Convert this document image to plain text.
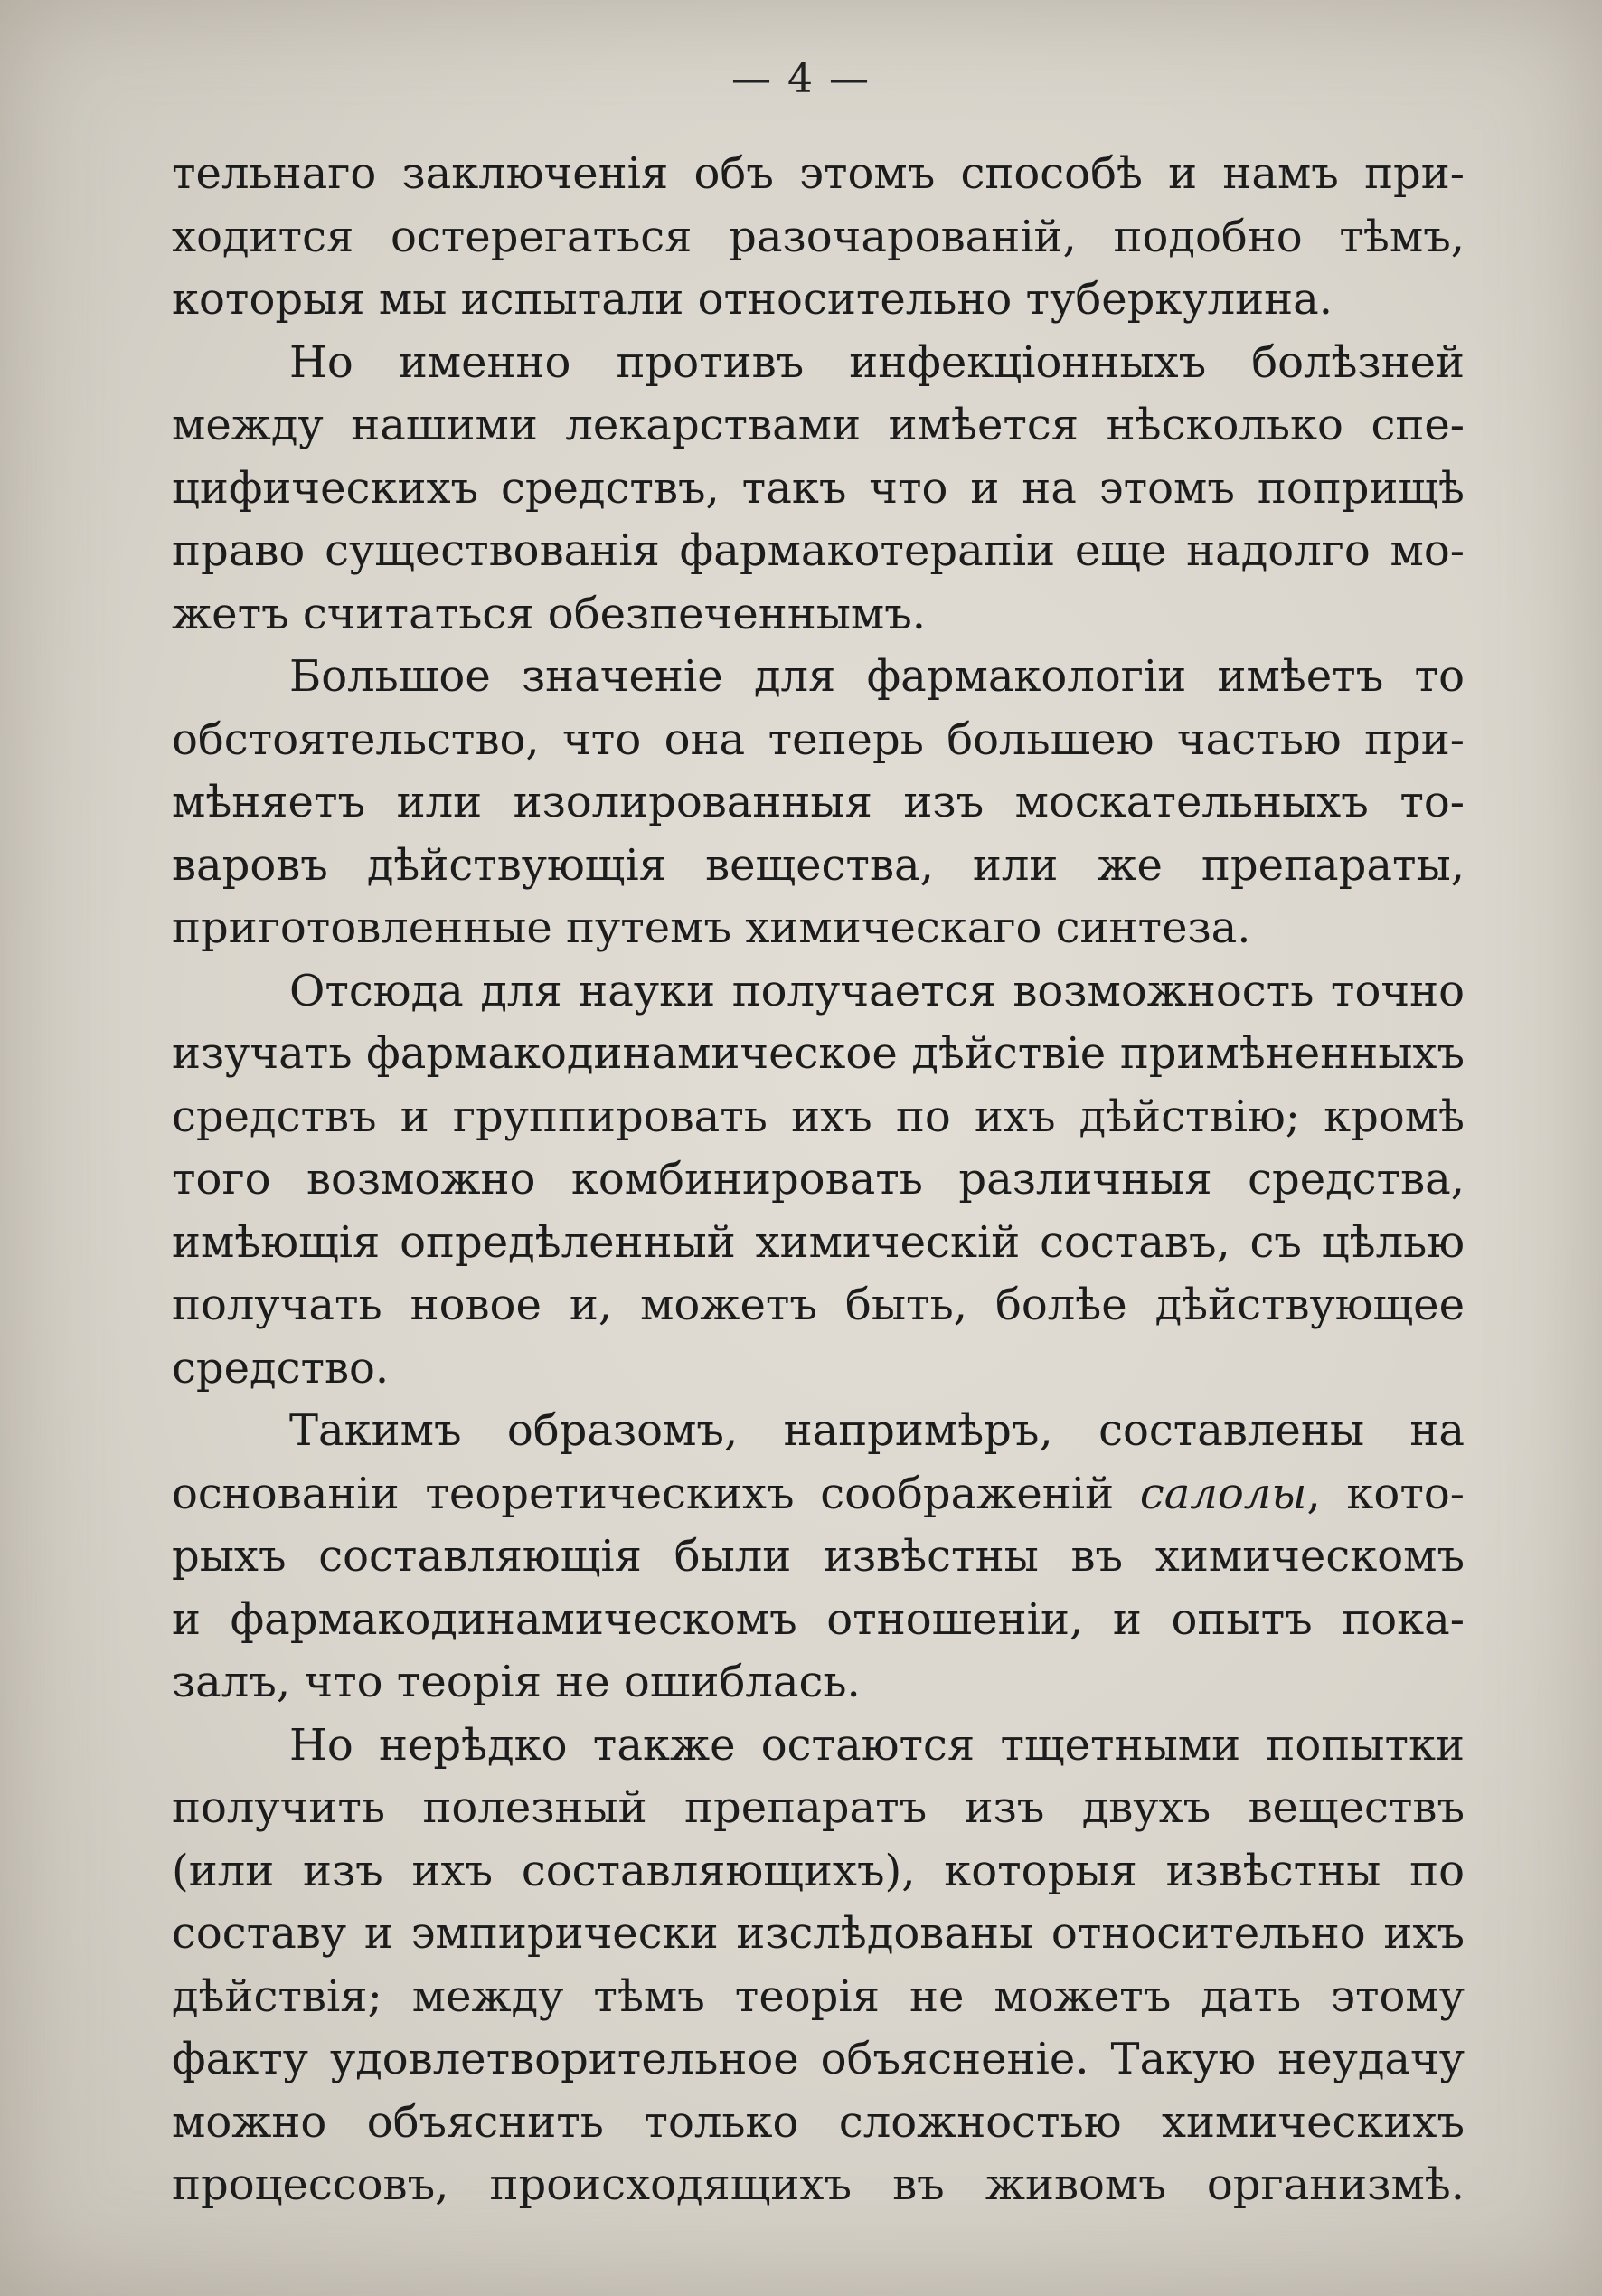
— 4 —
тельнаго заключенія объ этомъ способѣ и намъ при-
ходится остерегаться разочарованій, подобно тѣмъ,
которыя мы испытали относительно туберкулина.
Но именно противъ инфекціонныхъ болѣзней
между нашими лекарствами имѣется нѣсколько спе-
цифическихъ средствъ, такъ что и на этомъ поприщѣ
право существованія фармакотерапіи еще надолго мо-
жетъ считаться обезпеченнымъ.
Большое значеніе для фармакологіи имѣетъ то
обстоятельство, что она теперь большею частью при-
мѣняетъ или изолированныя изъ москательныхъ то-
варовъ дѣйствующія вещества, или же препараты,
приготовленные путемъ химическаго синтеза.
Отсюда для науки получается возможность точно
изучать фармакодинамическое дѣйствіе примѣненныхъ
средствъ и группировать ихъ по ихъ дѣйствію; кромѣ
того возможно комбинировать различныя средства,
имѣющія опредѣленный химическій составъ, съ цѣлью
получать новое и, можетъ быть, болѣе дѣйствующее
средство.
Такимъ образомъ, напримѣръ, составлены на
основаніи теоретическихъ соображеній салолы, кото-
рыхъ составляющія были извѣстны въ химическомъ
и фармакодинамическомъ отношеніи, и опытъ пока-
залъ, что теорія не ошиблась.
Но нерѣдко также остаются тщетными попытки
получить полезный препаратъ изъ двухъ веществъ
(или изъ ихъ составляющихъ), которыя извѣстны по
составу и эмпирически изслѣдованы относительно ихъ
дѣйствія; между тѣмъ теорія не можетъ дать этому
факту удовлетворительное объясненіе. Такую неудачу
можно объяснить только сложностью химическихъ
процессовъ, происходящихъ въ живомъ организмѣ.
